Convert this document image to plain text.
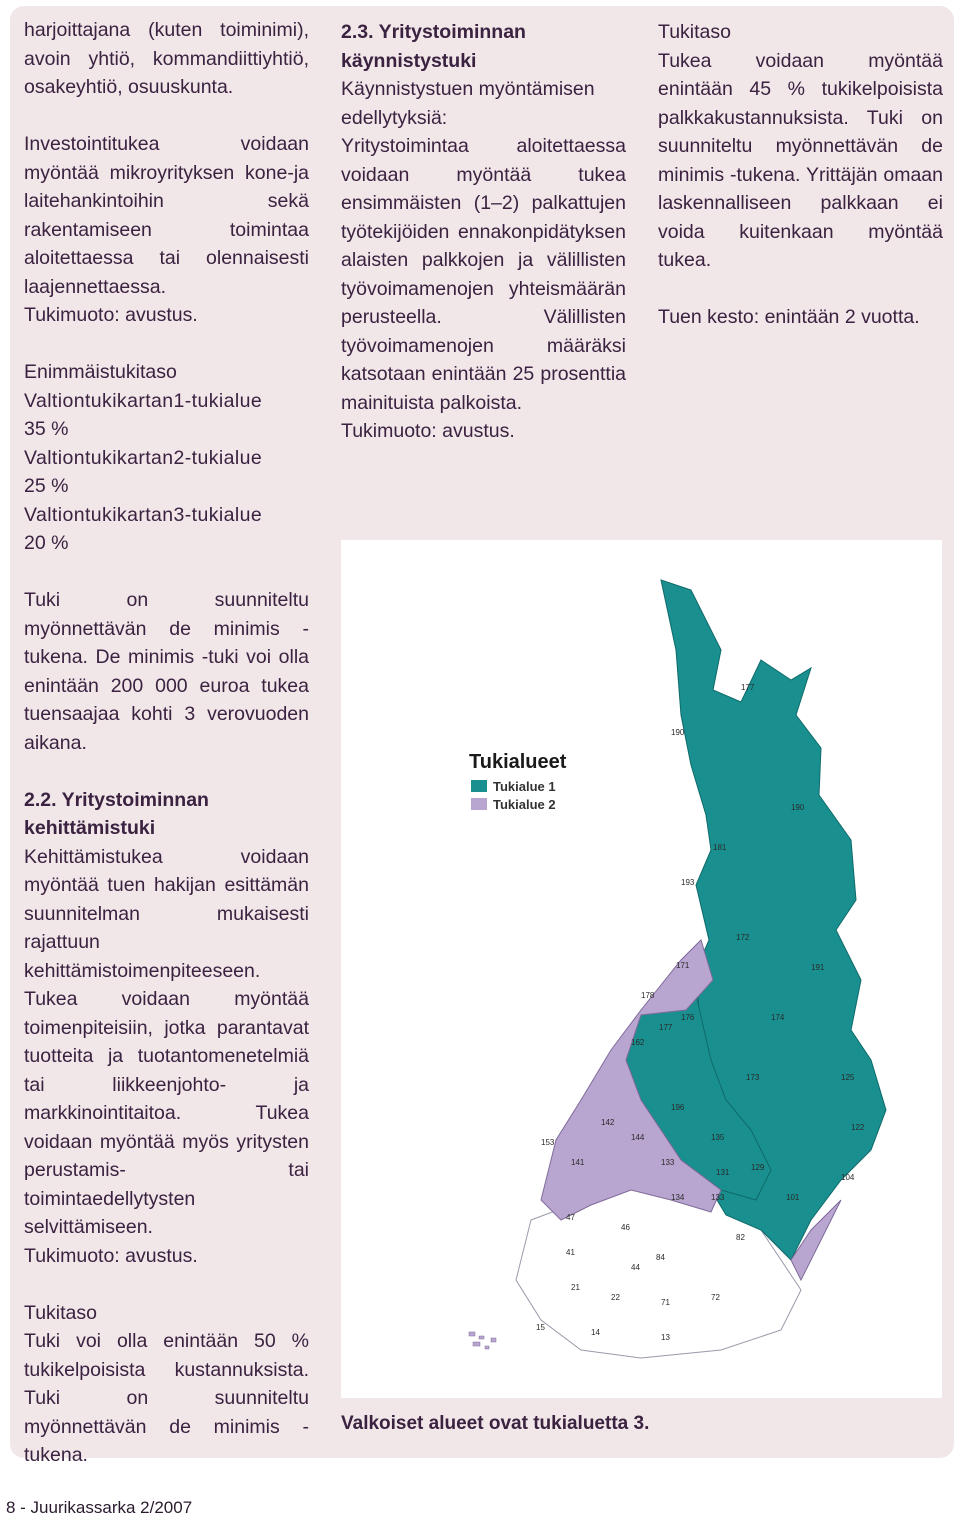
harjoittajana (kuten toiminimi), avoin yhtiö, kommandiittiyhtiö, osakeyhtiö, osuuskunta.

Investointitukea voidaan myöntää mikroyrityksen kone-ja laitehankintoihin sekä rakentamiseen toimintaa aloitettaessa tai olennaisesti laajennettaessa.

Tukimuoto: avustus.

Enimmäistukitaso

Valtiontukikartan1-tukialue

35 %

Valtiontukikartan2-tukialue

25 %

Valtiontukikartan3-tukialue

20 %

Tuki on suunniteltu myönnettävän de minimis -tukena. De minimis -tuki voi olla enintään 200 000 euroa tukea tuensaajaa kohti 3 verovuoden aikana.

2.2. Yritystoiminnan kehittämistuki

Kehittämistukea voidaan myöntää tuen hakijan esittämän suunnitelman mukaisesti rajattuun kehittämistoimenpiteeseen. Tukea voidaan myöntää toimenpiteisiin, jotka parantavat tuotteita ja tuotantomenetelmiä tai liikkeenjohto- ja markkinointitaitoa. Tukea voidaan myöntää myös yritysten perustamis- tai toimintaedellytysten selvittämiseen.

Tukimuoto: avustus.

Tukitaso

Tuki voi olla enintään 50 % tukikelpoisista kustannuksista. Tuki on suunniteltu myönnettävän de minimis -tukena.

2.3. Yritystoiminnan käynnistystuki

Käynnistystuen myöntämisen edellytyksiä:

Yritystoimintaa aloitettaessa voidaan myöntää tukea ensimmäisten (1–2) palkattujen työtekijöiden ennakonpidätyksen alaisten palkkojen ja välillisten työvoimamenojen yhteismäärän perusteella. Välillisten työvoimamenojen määräksi katsotaan enintään 25 prosenttia mainituista palkoista.

Tukimuoto: avustus.

Tukitaso

Tukea voidaan myöntää enintään 45 % tukikelpoisista palkkakustannuksista. Tuki on suunniteltu myönnettävän de minimis -tukena. Yrittäjän omaan laskennalliseen palkkaan ei voida kuitenkaan myöntää tukea.

Tuen kesto: enintään 2 vuotta.

177
190
190
181
193
172
191
171
178
176
177
174
162
173	125
142
196
144	135
122
153
141	133
131
129
134	133	101
104
47
46
41
44
84
82
21
22
71
72
15
14
13
Tukialueet
Tukialue 1
Tukialue 2
Valkoiset alueet ovat tukialuetta 3.
8 - Juurikassarka 2/2007
